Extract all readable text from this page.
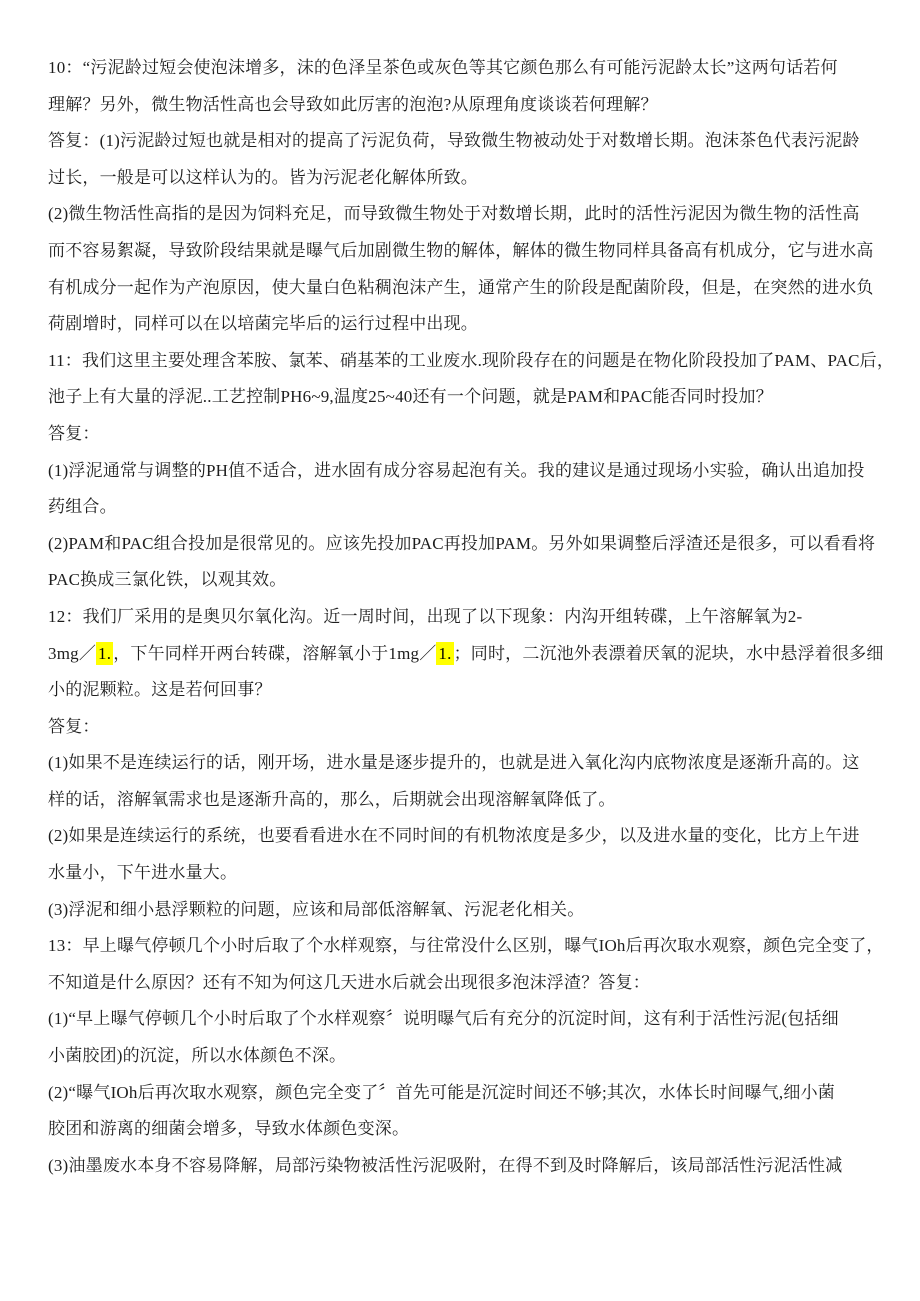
10：“污泥龄过短会使泡沫增多，沫的色泽呈茶色或灰色等其它颜色那么有可能污泥龄太长”这两句话若何
理解？另外，微生物活性高也会导致如此厉害的泡泡?从原理角度谈谈若何理解？
答复：(1)污泥龄过短也就是相对的提高了污泥负荷，导致微生物被动处于对数增长期。泡沫茶色代表污泥龄
过长，一般是可以这样认为的。皆为污泥老化解体所致。
(2)微生物活性高指的是因为饲料充足，而导致微生物处于对数增长期，此时的活性污泥因为微生物的活性高
而不容易絮凝，导致阶段结果就是曝气后加剧微生物的解体，解体的微生物同样具备高有机成分，它与进水高
有机成分一起作为产泡原因，使大量白色粘稠泡沫产生，通常产生的阶段是配菌阶段，但是，在突然的进水负
荷剧增时，同样可以在以培菌完毕后的运行过程中出现。
11：我们这里主要处理含苯胺、氯苯、硝基苯的工业废水.现阶段存在的问题是在物化阶段投加了PAM、PAC后，
池子上有大量的浮泥..工艺控制PH6~9,温度25~40还有一个问题，就是PAM和PAC能否同时投加？
答复：
(1)浮泥通常与调整的PH值不适合，进水固有成分容易起泡有关。我的建议是通过现场小实验，确认出追加投
药组合。
(2)PAM和PAC组合投加是很常见的。应该先投加PAC再投加PAM。另外如果调整后浮渣还是很多，可以看看将
PAC换成三氯化铁，以观其效。
12：我们厂采用的是奥贝尔氧化沟。近一周时间，出现了以下现象：内沟开组转碟，上午溶解氧为2-
3mg／ 1. ，下午同样开两台转碟，溶解氧小于1mg／ 1. ；同时，二沉池外表漂着厌氧的泥块，水中悬浮着很多细
小的泥颗粒。这是若何回事？
答复：
(1)如果不是连续运行的话，刚开场，进水量是逐步提升的，也就是进入氧化沟内底物浓度是逐渐升高的。这
样的话，溶解氧需求也是逐渐升高的，那么，后期就会出现溶解氧降低了。
(2)如果是连续运行的系统，也要看看进水在不同时间的有机物浓度是多少，以及进水量的变化，比方上午进
水量小，下午进水量大。
(3)浮泥和细小悬浮颗粒的问题，应该和局部低溶解氧、污泥老化相关。
13：早上曝气停顿几个小时后取了个水样观察，与往常没什么区别，曝气IOh后再次取水观察，颜色完全变了，
不知道是什么原因？还有不知为何这几天进水后就会出现很多泡沫浮渣？答复：
(1)“早上曝气停顿几个小时后取了个水样观察〞说明曝气后有充分的沉淀时间，这有利于活性污泥(包括细
小菌胶团)的沉淀，所以水体颜色不深。
(2)“曝气IOh后再次取水观察，颜色完全变了〞首先可能是沉淀时间还不够;其次，水体长时间曝气,细小菌
胶团和游离的细菌会增多，导致水体颜色变深。
(3)油墨废水本身不容易降解，局部污染物被活性污泥吸附，在得不到及时降解后，该局部活性污泥活性减
